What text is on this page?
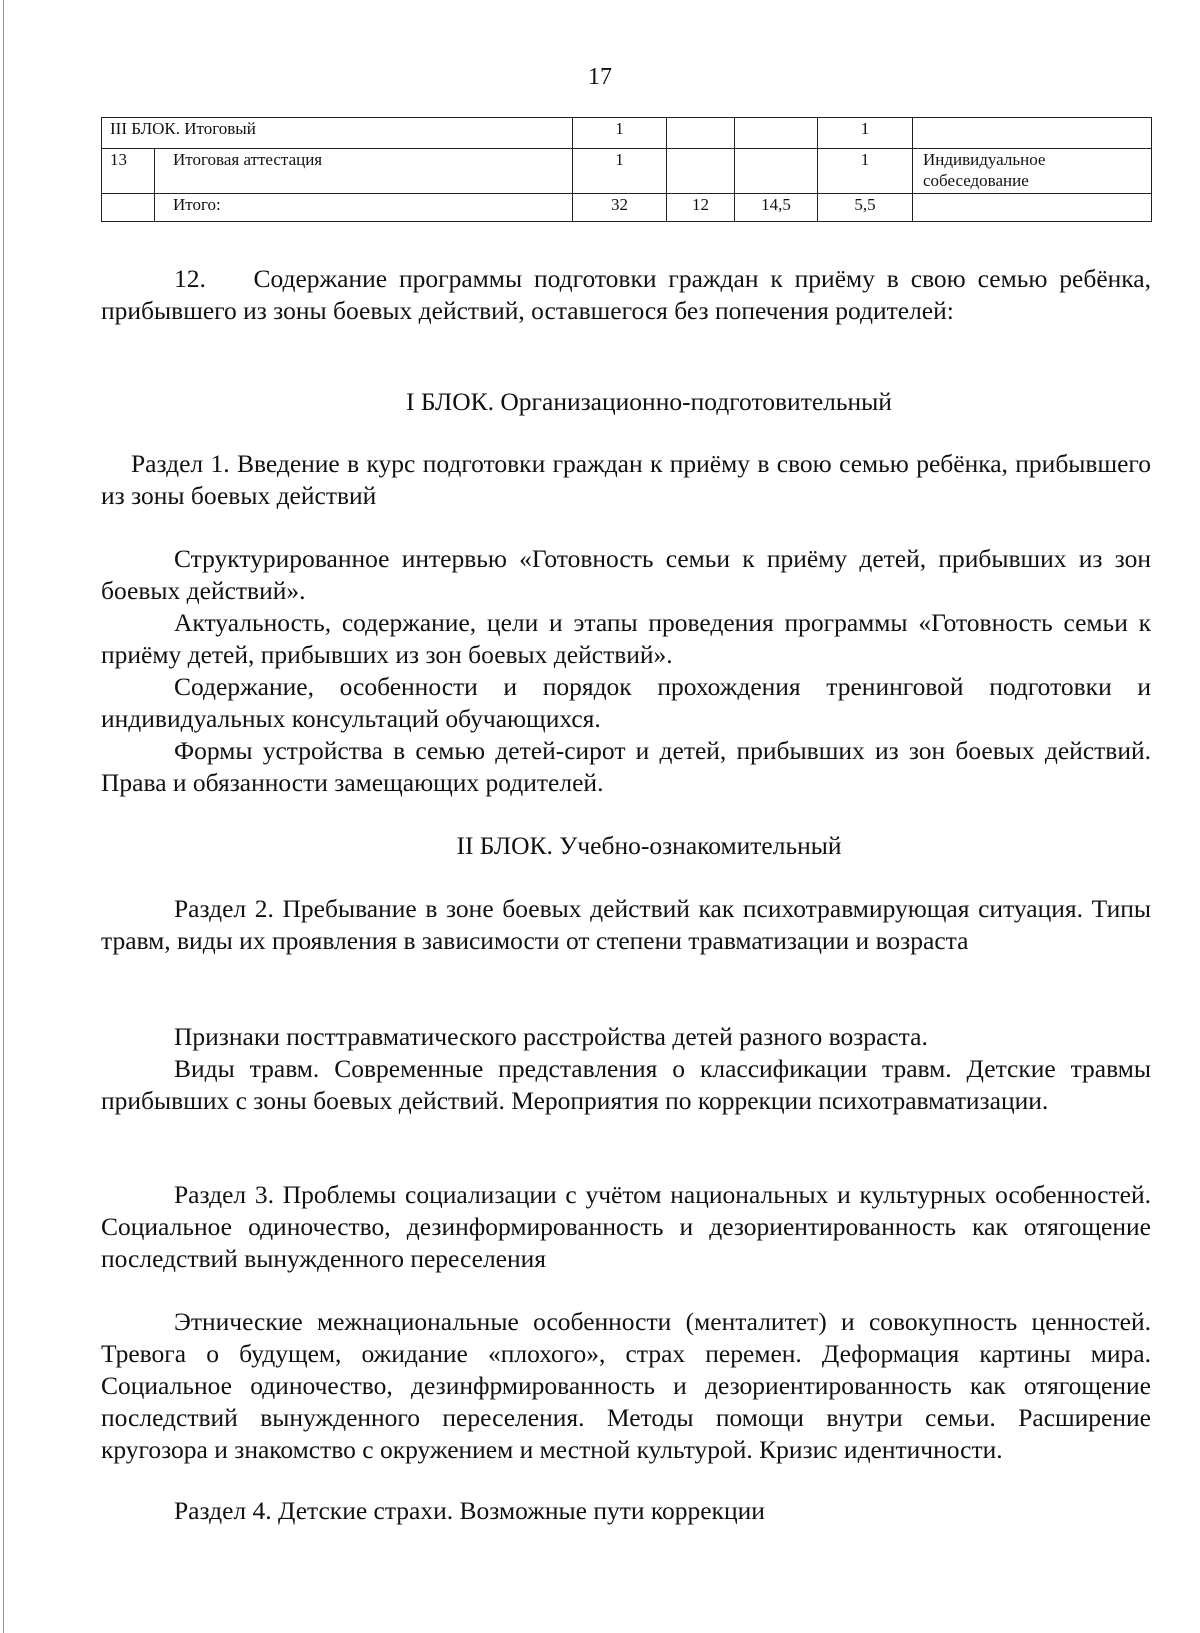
17
III БЛОК. Итоговый		1			1	
13	Итоговая аттестация	1			1	Индивидуальное собеседование
	Итого:	32	12	14,5	5,5	

12. Содержание программы подготовки граждан к приёму в свою семью ребёнка, прибывшего из зоны боевых действий, оставшегося без попечения родителей:

I БЛОК. Организационно-подготовительный

Раздел 1. Введение в курс подготовки граждан к приёму в свою семью ребёнка, прибывшего из зоны боевых действий

Структурированное интервью «Готовность семьи к приёму детей, прибывших из зон боевых действий».

Актуальность, содержание, цели и этапы проведения программы «Готовность семьи к приёму детей, прибывших из зон боевых действий».

Содержание, особенности и порядок прохождения тренинговой подготовки и индивидуальных консультаций обучающихся.

Формы устройства в семью детей-сирот и детей, прибывших из зон боевых действий. Права и обязанности замещающих родителей.

II БЛОК. Учебно-ознакомительный

Раздел 2. Пребывание в зоне боевых действий как психотравмирующая ситуация. Типы травм, виды их проявления в зависимости от степени травматизации и возраста

Признаки посттравматического расстройства детей разного возраста.

Виды травм. Современные представления о классификации травм. Детские травмы прибывших с зоны боевых действий. Мероприятия по коррекции психотравматизации.

Раздел 3. Проблемы социализации с учётом национальных и культурных особенностей. Социальное одиночество, дезинформированность и дезориентированность как отягощение последствий вынужденного переселения

Этнические межнациональные особенности (менталитет) и совокупность ценностей. Тревога о будущем, ожидание «плохого», страх перемен. Деформация картины мира. Социальное одиночество, дезинфрмированность и дезориентированность как отягощение последствий вынужденного переселения. Методы помощи внутри семьи. Расширение кругозора и знакомство с окружением и местной культурой. Кризис идентичности.

Раздел 4. Детские страхи. Возможные пути коррекции
